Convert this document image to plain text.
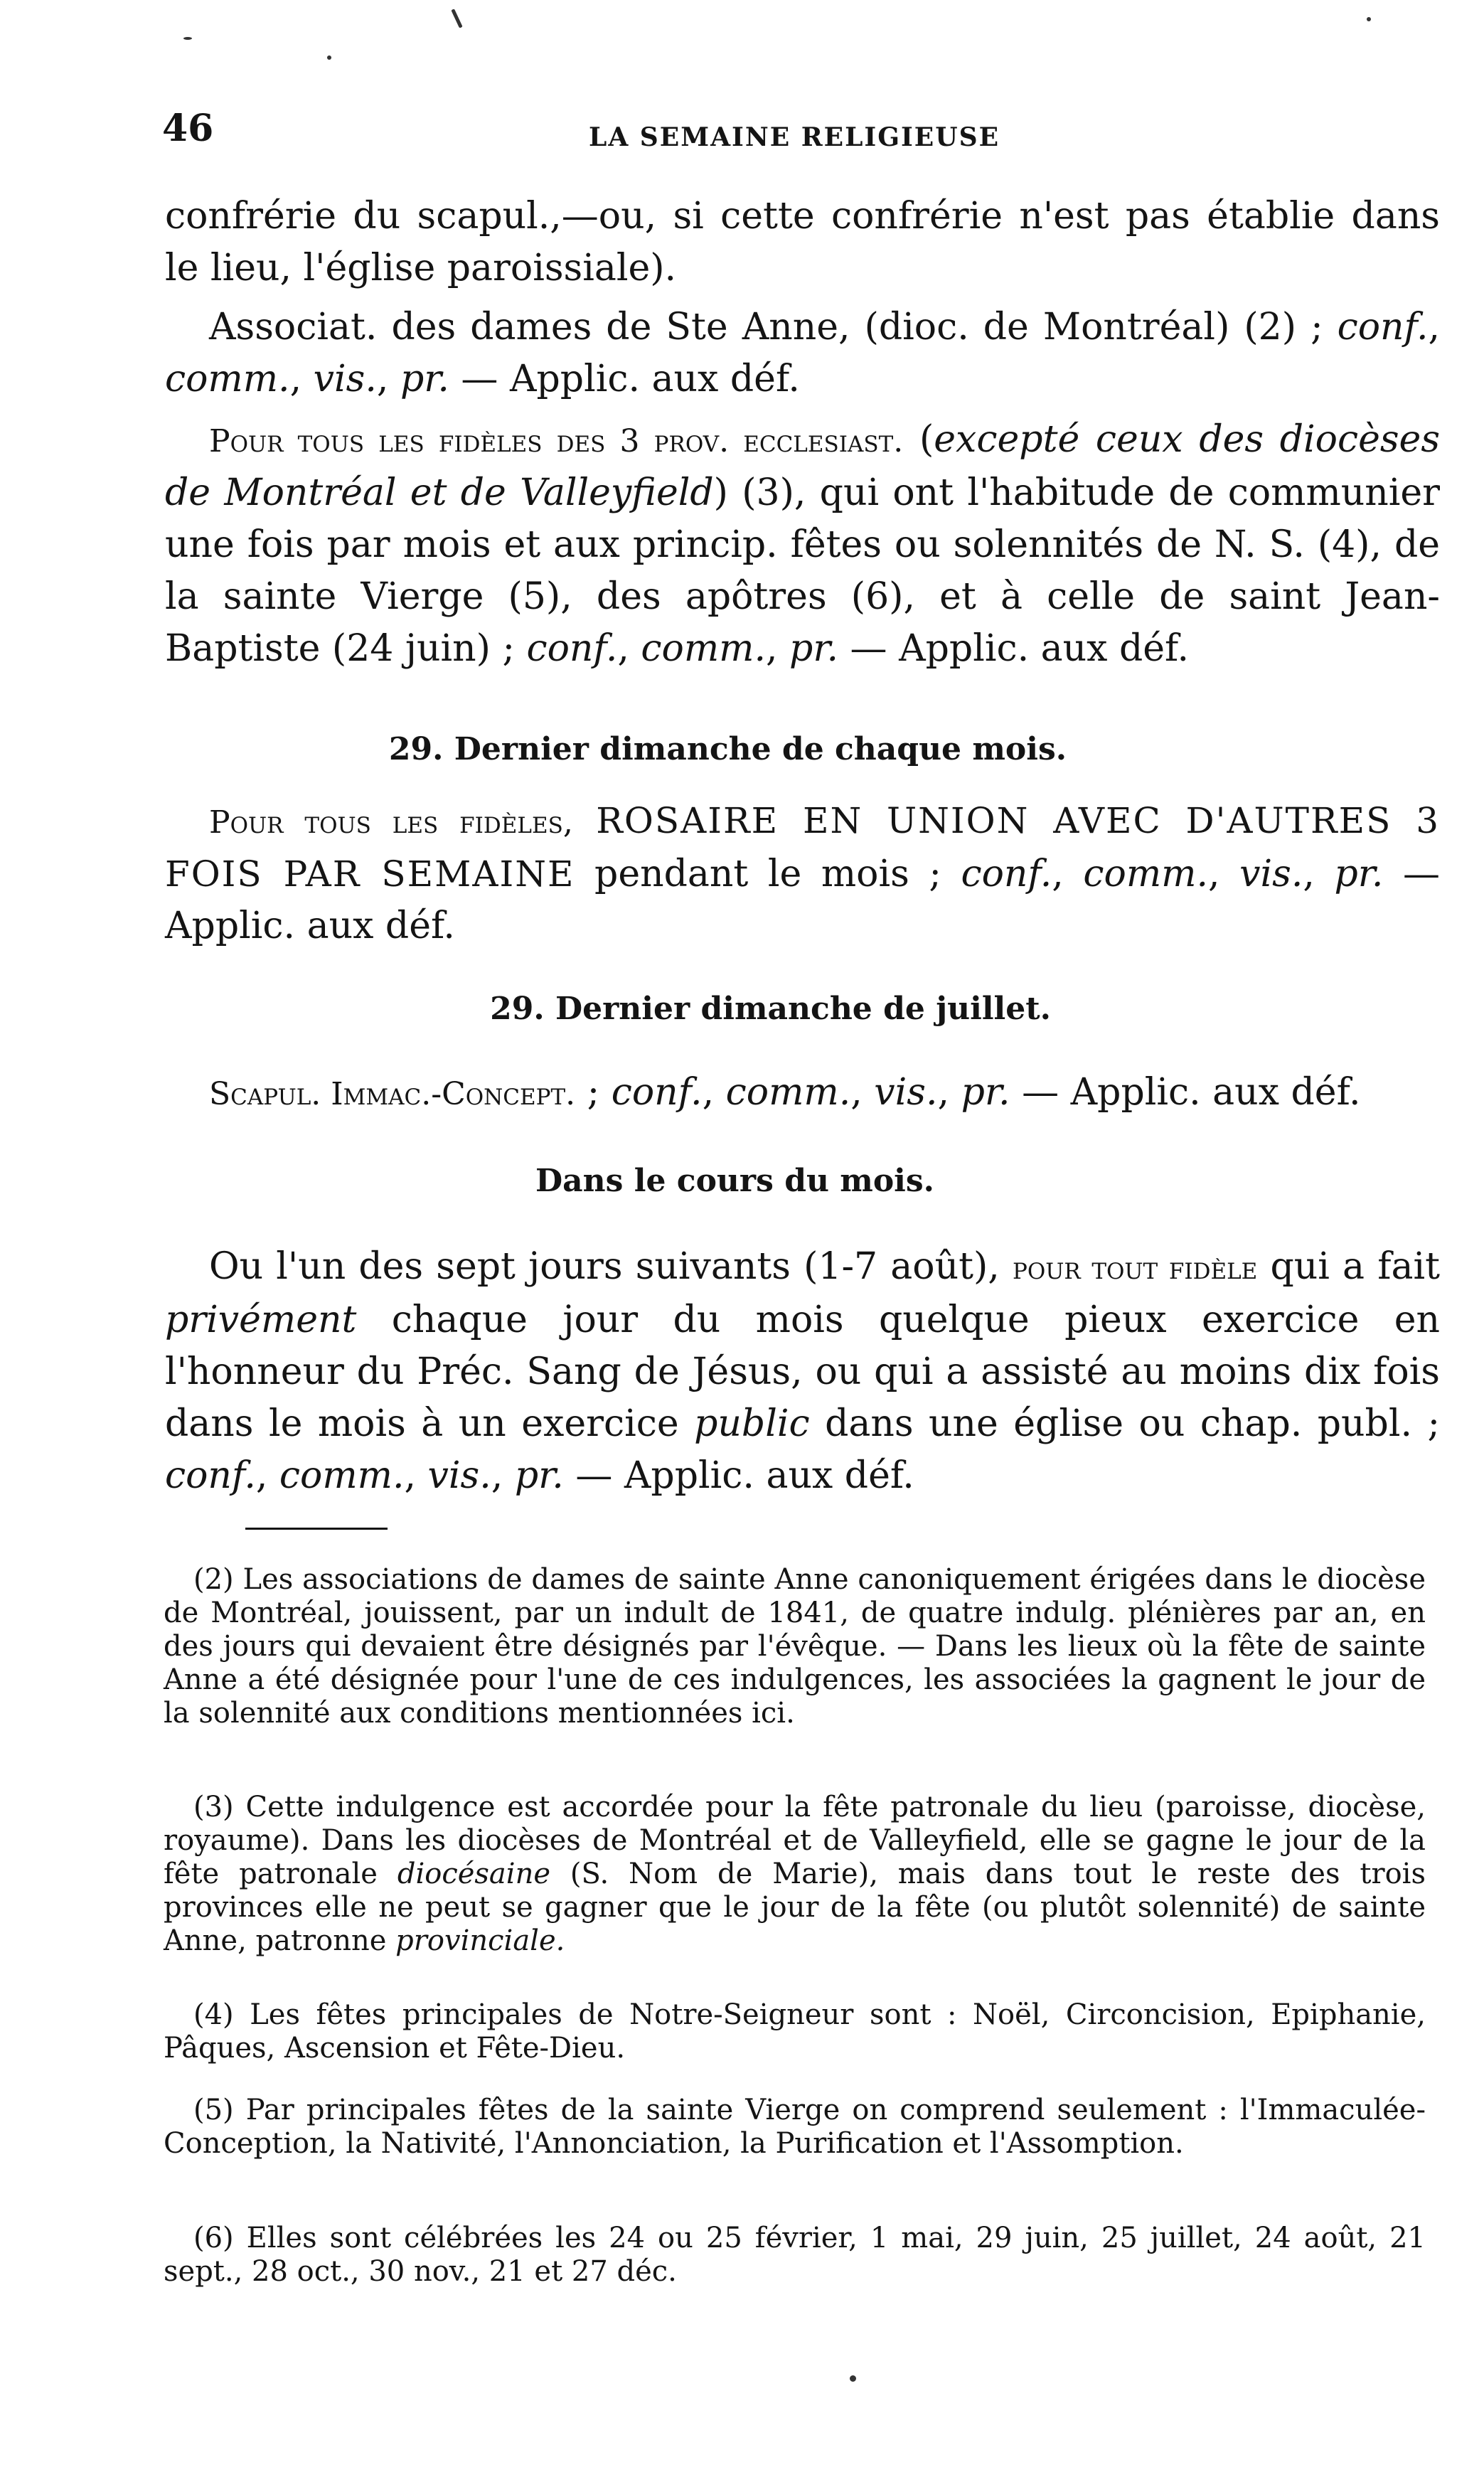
46	LA SEMAINE RELIGIEUSE
confrérie du scapul.,—ou, si cette confrérie n'est pas établie dans le lieu, l'église paroissiale).
Associat. des dames de Ste Anne, (dioc. de Montréal) (2) ; conf., comm., vis., pr. — Applic. aux déf.
Pour tous les fidèles des 3 prov. ecclesiast. (excepté ceux des diocèses de Montréal et de Valleyfield) (3), qui ont l'habitude de communier une fois par mois et aux princip. fêtes ou solennités de N. S. (4), de la sainte Vierge (5), des apôtres (6), et à celle de saint Jean-Baptiste (24 juin) ; conf., comm., pr. — Applic. aux déf.
29. Dernier dimanche de chaque mois.
Pour tous les fidèles, ROSAIRE EN UNION AVEC D'AUTRES 3 FOIS PAR SEMAINE pendant le mois ; conf., comm., vis., pr. — Applic. aux déf.
29. Dernier dimanche de juillet.
Scapul. Immac.-Concept. ; conf., comm., vis., pr. — Applic. aux déf.
Dans le cours du mois.
Ou l'un des sept jours suivants (1-7 août), pour tout fidèle qui a fait privément chaque jour du mois quelque pieux exercice en l'honneur du Préc. Sang de Jésus, ou qui a assisté au moins dix fois dans le mois à un exercice public dans une église ou chap. publ. ; conf., comm., vis., pr. — Applic. aux déf.
(2) Les associations de dames de sainte Anne canoniquement érigées dans le diocèse de Montréal, jouissent, par un indult de 1841, de quatre indulg. plénières par an, en des jours qui devaient être désignés par l'évêque. — Dans les lieux où la fête de sainte Anne a été désignée pour l'une de ces indulgences, les associées la gagnent le jour de la solennité aux conditions mentionnées ici.
(3) Cette indulgence est accordée pour la fête patronale du lieu (paroisse, diocèse, royaume). Dans les diocèses de Montréal et de Valleyfield, elle se gagne le jour de la fête patronale diocésaine (S. Nom de Marie), mais dans tout le reste des trois provinces elle ne peut se gagner que le jour de la fête (ou plutôt solennité) de sainte Anne, patronne provinciale.
(4) Les fêtes principales de Notre-Seigneur sont : Noël, Circoncision, Epiphanie, Pâques, Ascension et Fête-Dieu.
(5) Par principales fêtes de la sainte Vierge on comprend seulement : l'Immaculée-Conception, la Nativité, l'Annonciation, la Purification et l'Assomption.
(6) Elles sont célébrées les 24 ou 25 février, 1 mai, 29 juin, 25 juillet, 24 août, 21 sept., 28 oct., 30 nov., 21 et 27 déc.
